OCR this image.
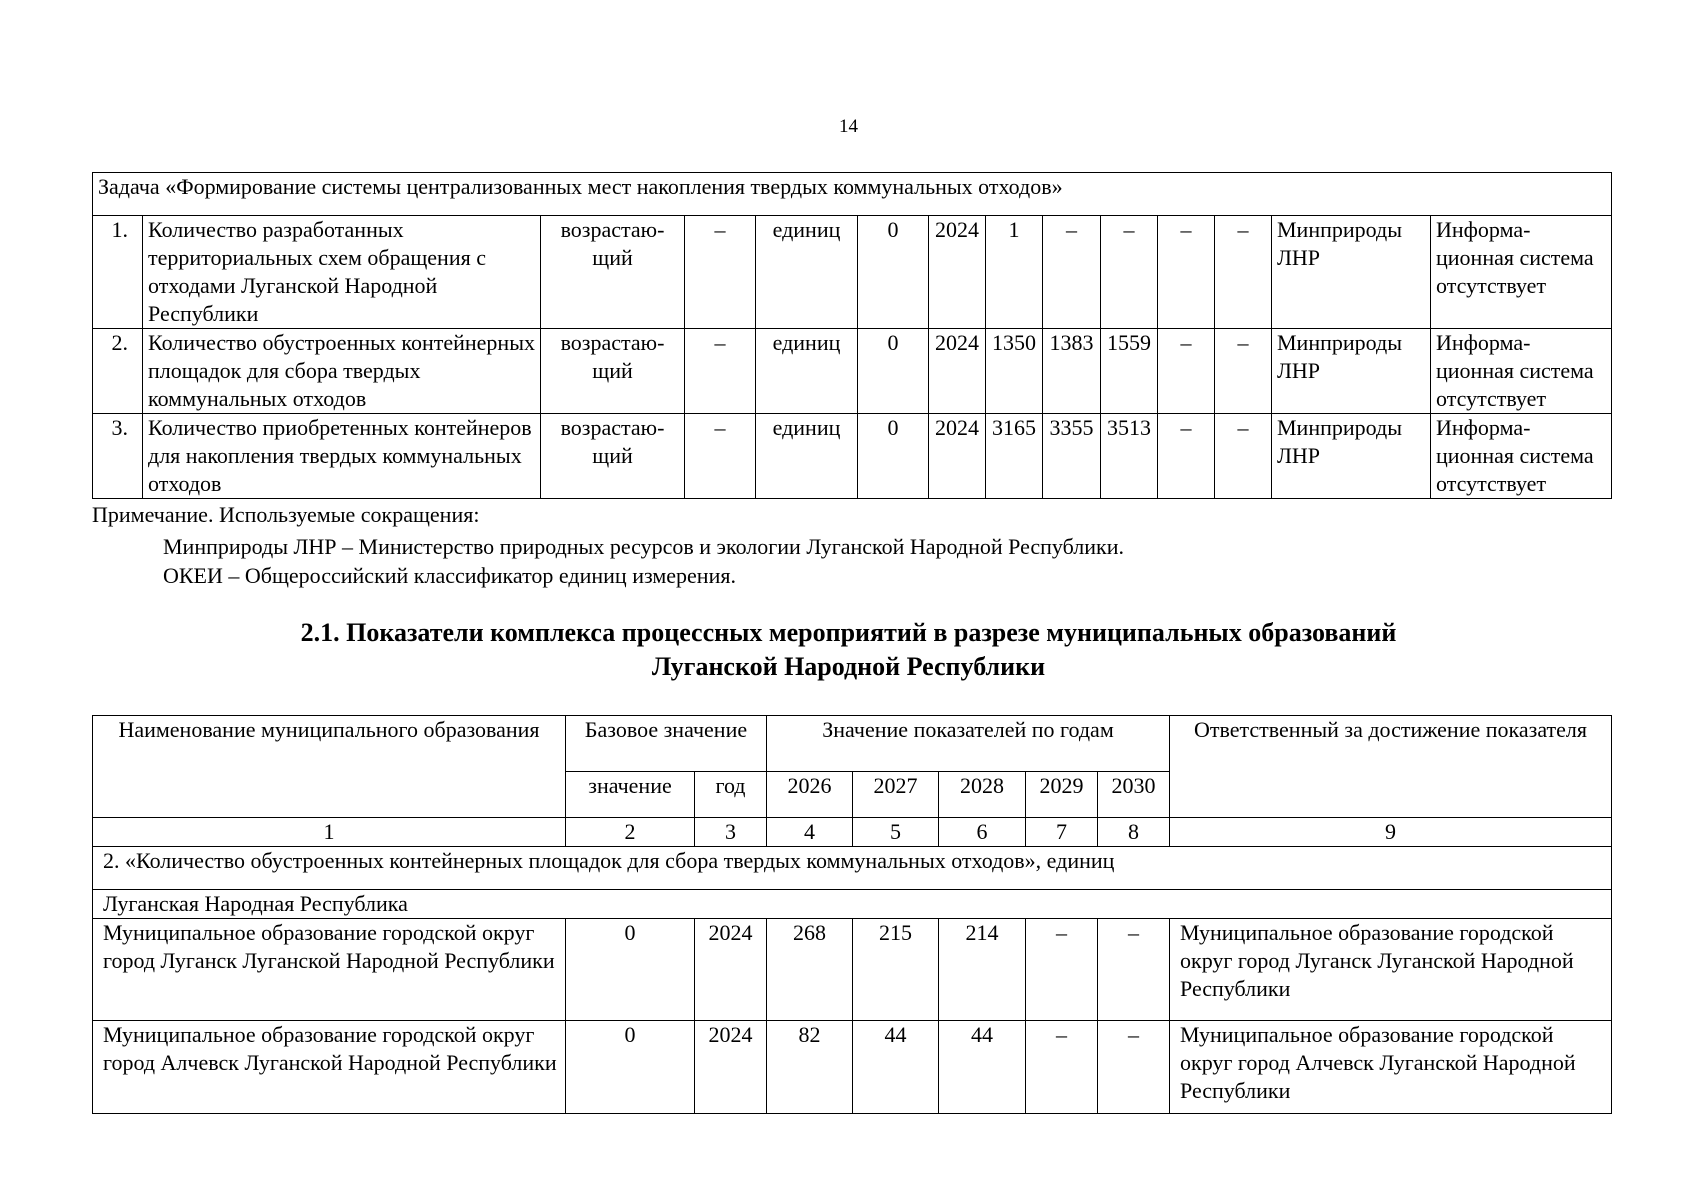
14
Задача «Формирование системы централизованных мест накопления твердых коммунальных отходов»													
1.	Количество разработанных территориальных схем обращения с отходами Луганской Народной Республики	возрастаю-щий	–	единиц	0	2024	1	–	–	–	–	Минприроды ЛНР	Информа-ционная система отсутствует
2.	Количество обустроенных контейнерных площадок для сбора твердых коммунальных отходов	возрастаю-щий	–	единиц	0	2024	1350	1383	1559	–	–	Минприроды ЛНР	Информа-ционная система отсутствует
3.	Количество приобретенных контейнеров для накопления твердых коммунальных отходов	возрастаю-щий	–	единиц	0	2024	3165	3355	3513	–	–	Минприроды ЛНР	Информа-ционная система отсутствует
Примечание. Используемые сокращения:
Минприроды ЛНР – Министерство природных ресурсов и экологии Луганской Народной Республики.
ОКЕИ – Общероссийский классификатор единиц измерения.
2.1. Показатели комплекса процессных мероприятий в разрезе муниципальных образований
Луганской Народной Республики
Наименование муниципального образования	Базовое значение		Значение показателей по годам					Ответственный за достижение показателя
	значение	год	2026	2027	2028	2029	2030	
1	2	3	4	5	6	7	8	9
2. «Количество обустроенных контейнерных площадок для сбора твердых коммунальных отходов», единиц								
Луганская Народная Республика								
Муниципальное образование городской округ город Луганск Луганской Народной Республики	0	2024	268	215	214	–	–	Муниципальное образование городской округ город Луганск Луганской Народной Республики
Муниципальное образование городской округ город Алчевск Луганской Народной Республики	0	2024	82	44	44	–	–	Муниципальное образование городской округ город Алчевск Луганской Народной Республики
